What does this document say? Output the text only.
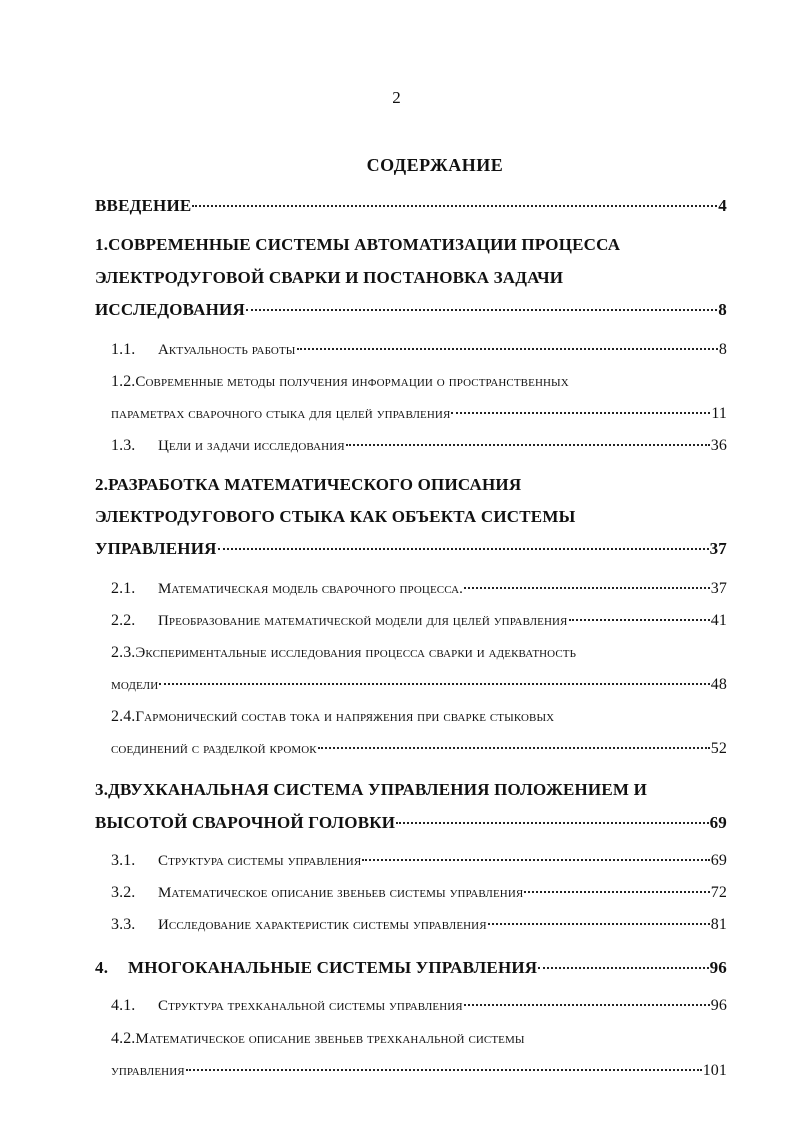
2
СОДЕРЖАНИЕ
ВВЕДЕНИЕ	4
1.СОВРЕМЕННЫЕ СИСТЕМЫ АВТОМАТИЗАЦИИ ПРОЦЕССА
ЭЛЕКТРОДУГОВОЙ СВАРКИ И ПОСТАНОВКА ЗАДАЧИ
ИССЛЕДОВАНИЯ	8
1.1.	Актуальность работы	8
1.2.Современные методы получения информации о пространственных
параметрах сварочного стыка для целей управления	11
1.3.	Цели и задачи исследования	36
2.РАЗРАБОТКА МАТЕМАТИЧЕСКОГО ОПИСАНИЯ
ЭЛЕКТРОДУГОВОГО СТЫКА КАК ОБЪЕКТА СИСТЕМЫ
УПРАВЛЕНИЯ	37
2.1.	Математическая модель сварочного процесса.	37
2.2.	Преобразование математической модели для целей управления	41
2.3.Экспериментальные исследования процесса сварки и адекватность
модели	48
2.4.Гармонический состав тока и напряжения при сварке стыковых
соединений с разделкой кромок	52
3.ДВУХКАНАЛЬНАЯ СИСТЕМА УПРАВЛЕНИЯ ПОЛОЖЕНИЕМ И
ВЫСОТОЙ СВАРОЧНОЙ ГОЛОВКИ	69
3.1.	Структура системы управления	69
3.2.	Математическое описание звеньев системы управления	72
3.3.	Исследование характеристик системы управления	81
4.	МНОГОКАНАЛЬНЫЕ СИСТЕМЫ УПРАВЛЕНИЯ	96
4.1.	Структура трехканальной системы управления	96
4.2.Математическое описание звеньев трехканальной системы
управления	101
